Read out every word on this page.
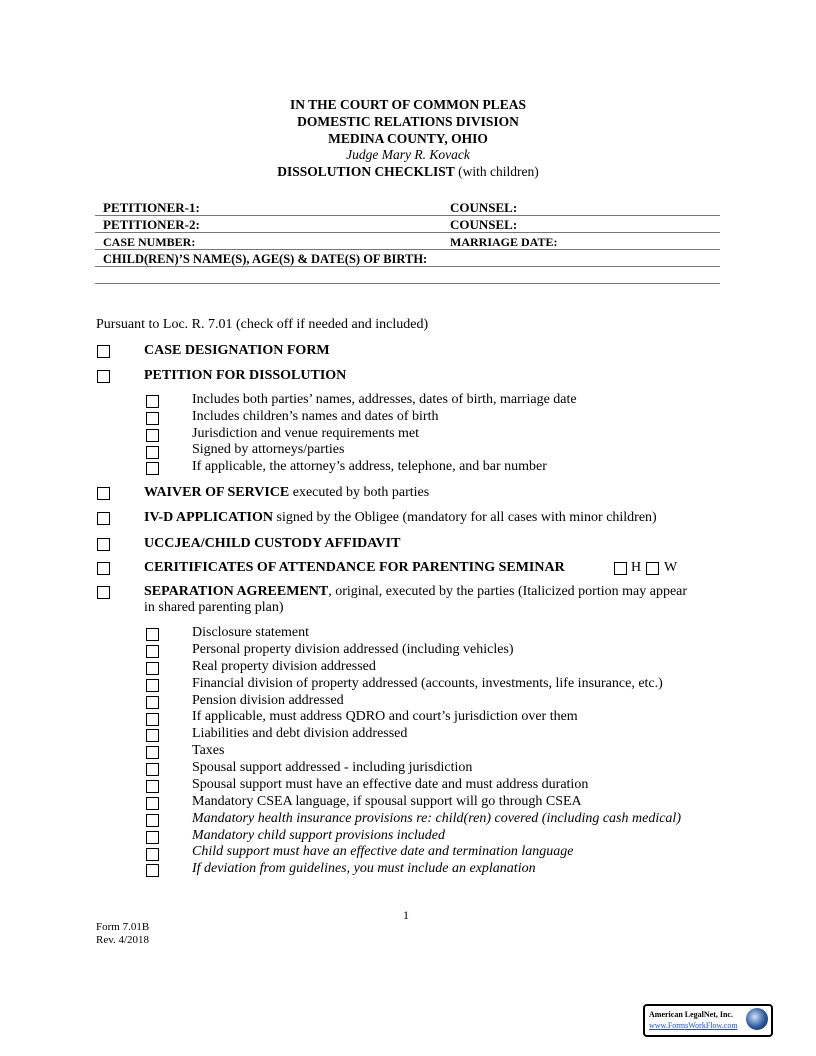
IN THE COURT OF COMMON PLEAS
DOMESTIC RELATIONS DIVISION
MEDINA COUNTY, OHIO
Judge Mary R. Kovack
DISSOLUTION CHECKLIST (with children)
PETITIONER-1:	COUNSEL:
PETITIONER-2:	COUNSEL:
CASE NUMBER:	MARRIAGE DATE:
CHILD(REN)’S NAME(S), AGE(S) & DATE(S) OF BIRTH:
Pursuant to Loc. R. 7.01 (check off if needed and included)
CASE DESIGNATION FORM
PETITION FOR DISSOLUTION
Includes both parties’ names, addresses, dates of birth, marriage date
Includes children’s names and dates of birth
Jurisdiction and venue requirements met
Signed by attorneys/parties
If applicable, the attorney’s address, telephone, and bar number
WAIVER OF SERVICE executed by both parties
IV-D APPLICATION signed by the Obligee (mandatory for all cases with minor children)
UCCJEA/CHILD CUSTODY AFFIDAVIT
CERITIFICATES OF ATTENDANCE FOR PARENTING SEMINAR	H W
SEPARATION AGREEMENT, original, executed by the parties (Italicized portion may appear
in shared parenting plan)
Disclosure statement
Personal property division addressed (including vehicles)
Real property division addressed
Financial division of property addressed (accounts, investments, life insurance, etc.)
Pension division addressed
If applicable, must address QDRO and court’s jurisdiction over them
Liabilities and debt division addressed
Taxes
Spousal support addressed - including jurisdiction
Spousal support must have an effective date and must address duration
Mandatory CSEA language, if spousal support will go through CSEA
Mandatory health insurance provisions re: child(ren) covered (including cash medical)
Mandatory child support provisions included
Child support must have an effective date and termination language
If deviation from guidelines, you must include an explanation
1
Form 7.01B
Rev. 4/2018
American LegalNet, Inc.
www.FormsWorkFlow.com
